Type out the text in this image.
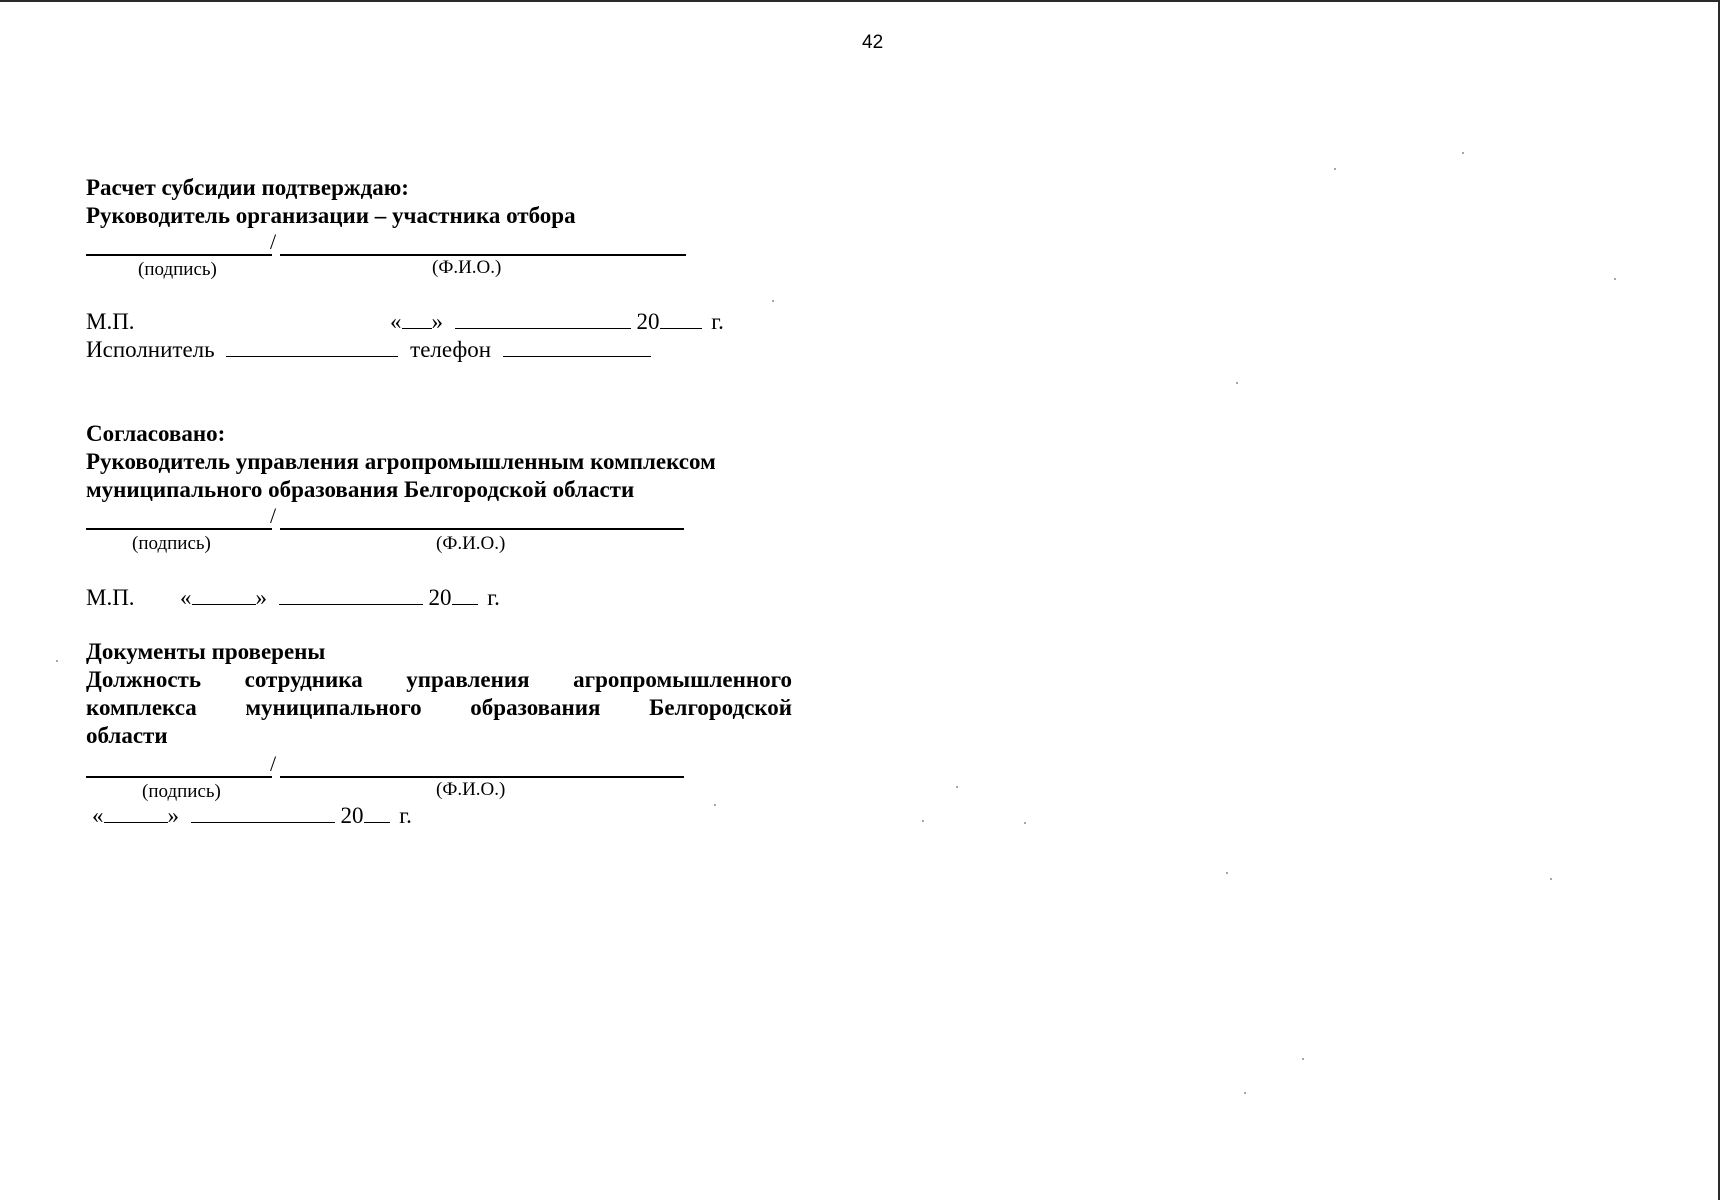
42
Расчет субсидии подтверждаю:
Руководитель организации – участника отбора
/
(подпись)	(Ф.И.О.)
М.П.	« »	20 г.
Исполнитель	телефон
Согласовано:
Руководитель управления агропромышленным комплексом
муниципального образования Белгородской области
/
(подпись)	(Ф.И.О.)
М.П. «	»	20 г.
Документы проверены
Должность сотрудника управления агропромышленного
комплекса муниципального образования Белгородской
области
/
(подпись)	(Ф.И.О.)
«	»	20 г.
